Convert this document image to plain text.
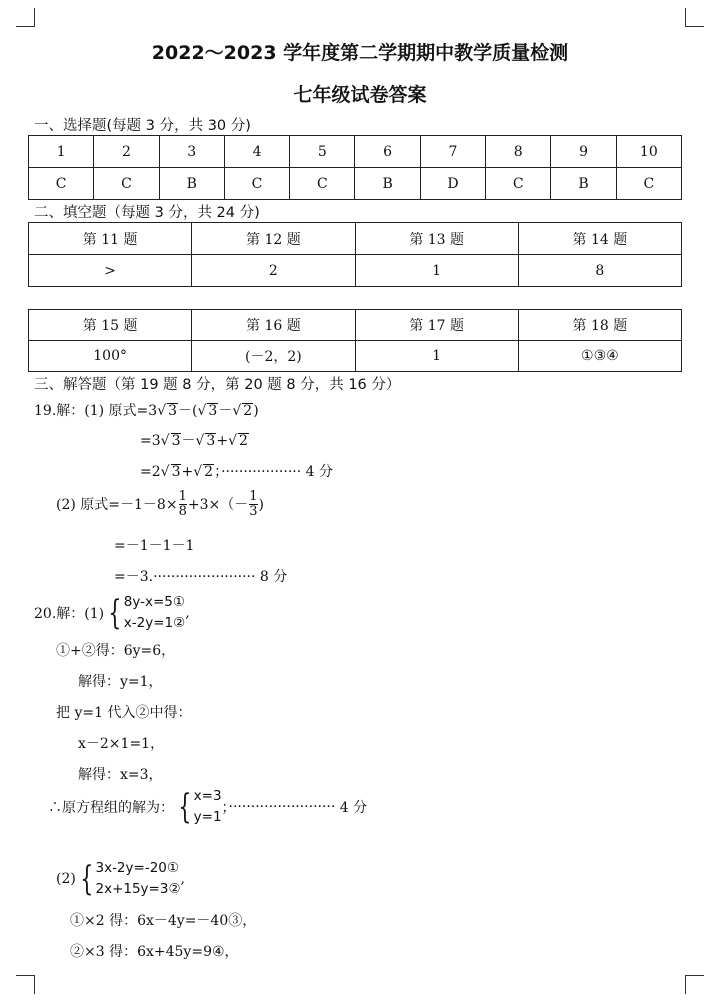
2022～2023 学年度第二学期期中教学质量检测
七年级试卷答案
一、选择题(每题 3 分，共 30 分)
1	2	3	4	5	6	7	8	9	10
C	C	B	C	C	B	D	C	B	C
二、填空题（每题 3 分，共 24 分)
第 11 题	第 12 题	第 13 题	第 14 题
>	2	1	8
第 15 题	第 16 题	第 17 题	第 18 题
100°	(－2，2)	1	①③④
三、解答题（第 19 题 8 分，第 20 题 8 分，共 16 分）
19.解：(1) 原式=3√ 3－(√ 3－√ 2)
=3√ 3－√ 3+√ 2
=2√ 3+√ 2；·················· 4 分
(2) 原式$=-1-8\times \frac{1}{8} +3\times(- \frac{1}{3}$ )
=－1－1－1
=－3.······················· 8 分
20.解：(1) { 8y-x=5①
x-2y=1②
,
①+②得：6y=6，
解得：y=1，
把 y=1 代入②中得：
x－2×1=1，
解得：x=3，
∴原方程组的解为： { x=3
y=1
；························ 4 分
(2) { 3x-2y=-20①
2x+15y=3②
,
①×2 得：6x－4y=－40③，
②×3 得：6x+45y=9④，
